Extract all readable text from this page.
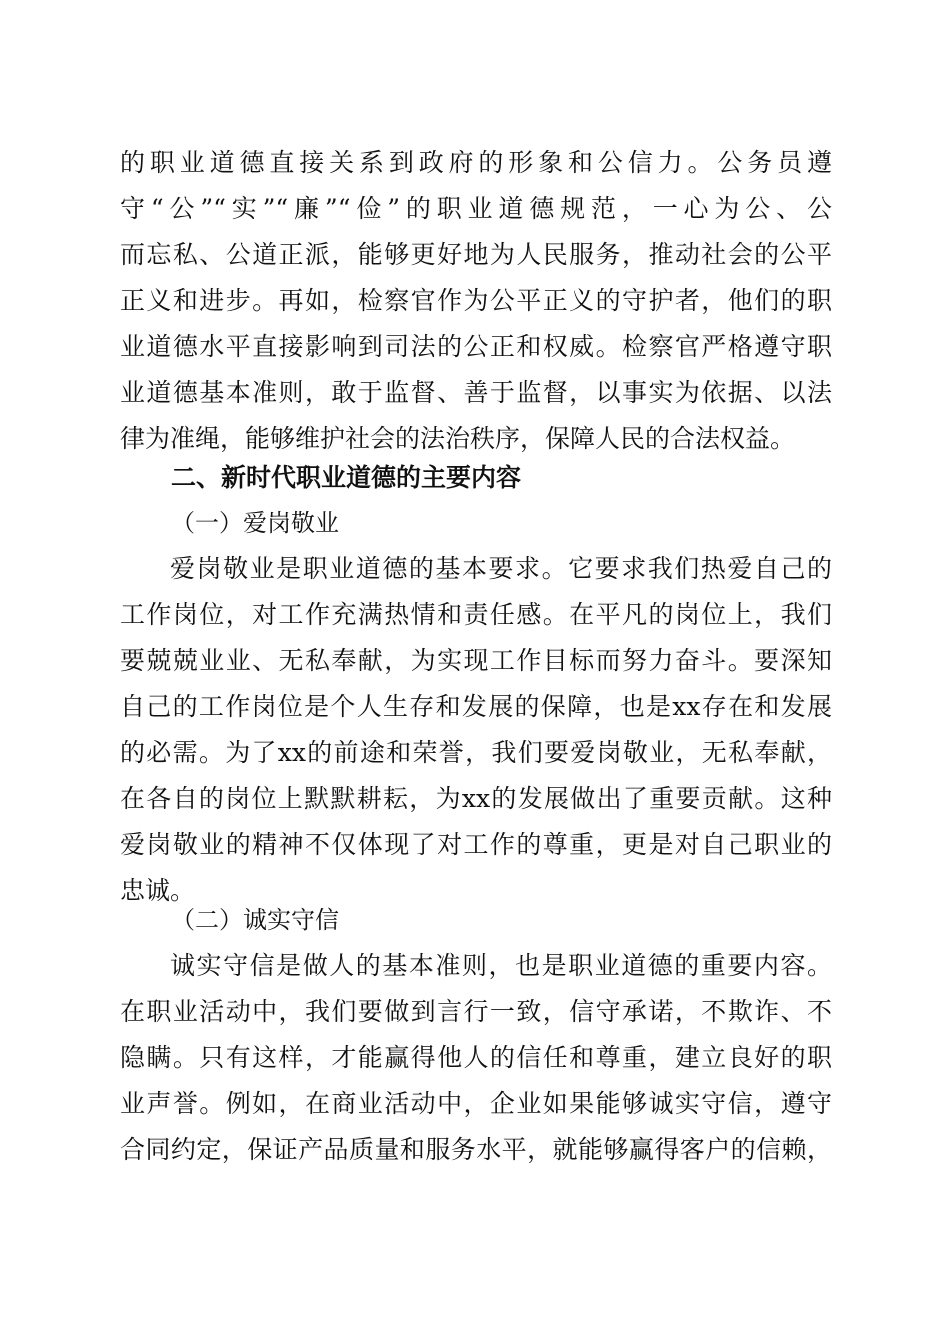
的职业道德直接关系到政府的形象和公信力。公务员遵
守“公”“实”“廉”“俭”的职业道德规范，一心为公、公
而忘私、公道正派，能够更好地为人民服务，推动社会的公平
正义和进步。再如，检察官作为公平正义的守护者，他们的职
业道德水平直接影响到司法的公正和权威。检察官严格遵守职
业道德基本准则，敢于监督、善于监督，以事实为依据、以法
律为准绳，能够维护社会的法治秩序，保障人民的合法权益。
二、新时代职业道德的主要内容
（一）爱岗敬业
爱岗敬业是职业道德的基本要求。它要求我们热爱自己的
工作岗位，对工作充满热情和责任感。在平凡的岗位上，我们
要兢兢业业、无私奉献，为实现工作目标而努力奋斗。要深知
自己的工作岗位是个人生存和发展的保障，也是xx存在和发展
的必需。为了xx的前途和荣誉，我们要爱岗敬业，无私奉献，
在各自的岗位上默默耕耘，为xx的发展做出了重要贡献。这种
爱岗敬业的精神不仅体现了对工作的尊重，更是对自己职业的
忠诚。
（二）诚实守信
诚实守信是做人的基本准则，也是职业道德的重要内容。
在职业活动中，我们要做到言行一致，信守承诺，不欺诈、不
隐瞒。只有这样，才能赢得他人的信任和尊重，建立良好的职
业声誉。例如，在商业活动中，企业如果能够诚实守信，遵守
合同约定，保证产品质量和服务水平，就能够赢得客户的信赖，
